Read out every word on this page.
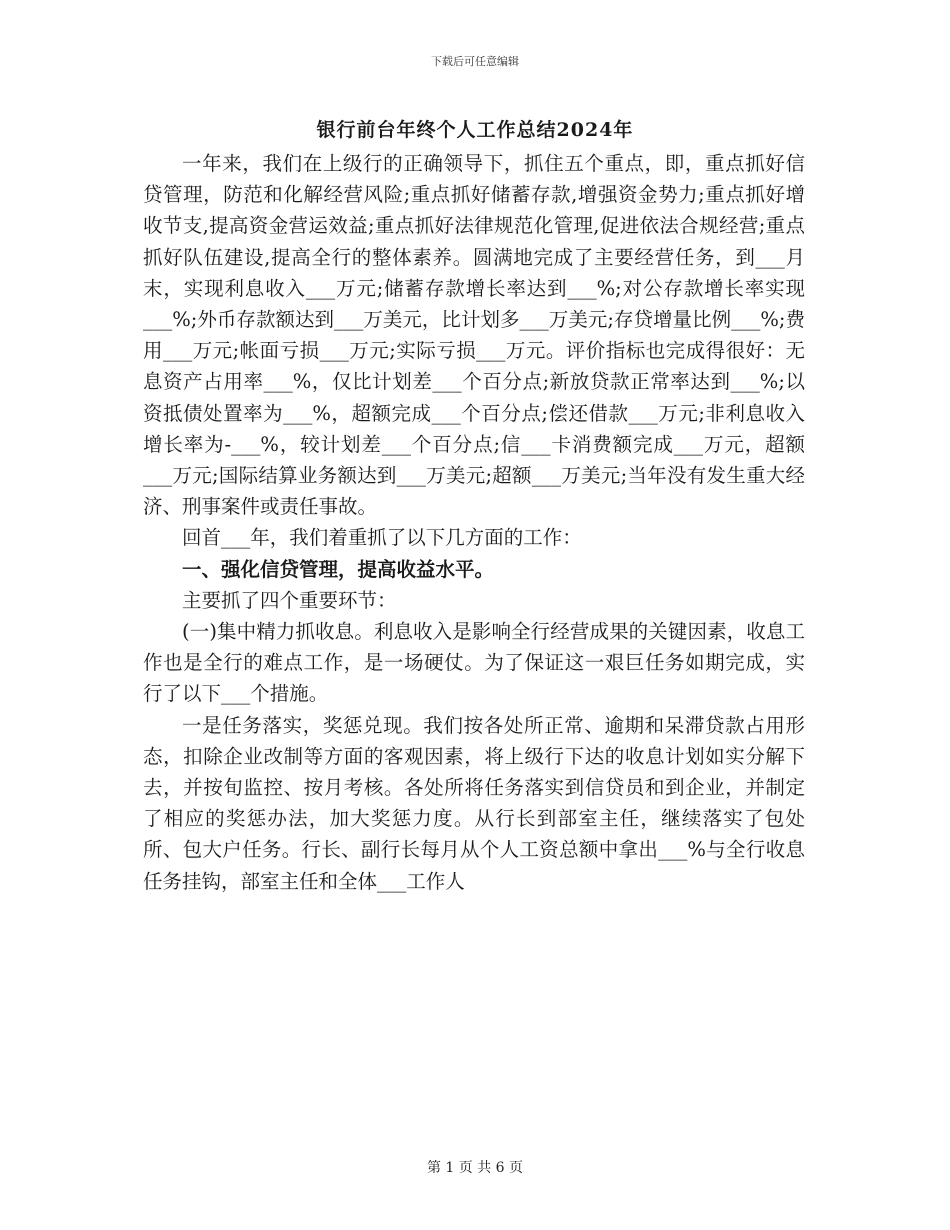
下载后可任意编辑
银行前台年终个人工作总结2024年

一年来，我们在上级行的正确领导下，抓住五个重点，即，重点抓好信贷管理，防范和化解经营风险;重点抓好储蓄存款,增强资金势力;重点抓好增收节支,提高资金营运效益;重点抓好法律规范化管理,促进依法合规经营;重点抓好队伍建设,提高全行的整体素养。圆满地完成了主要经营任务，到___月末，实现利息收入___万元;储蓄存款增长率达到___%;对公存款增长率实现___%;外币存款额达到___万美元，比计划多___万美元;存贷增量比例___%;费用___万元;帐面亏损___万元;实际亏损___万元。评价指标也完成得很好：无息资产占用率___%，仅比计划差___个百分点;新放贷款正常率达到___%;以资抵债处置率为___%，超额完成___个百分点;偿还借款___万元;非利息收入增长率为-___%，较计划差___个百分点;信___卡消费额完成___万元，超额___万元;国际结算业务额达到___万美元;超额___万美元;当年没有发生重大经济、刑事案件或责任事故。

回首___年，我们着重抓了以下几方面的工作：

一、强化信贷管理，提高收益水平。

主要抓了四个重要环节：

(一)集中精力抓收息。利息收入是影响全行经营成果的关键因素，收息工作也是全行的难点工作，是一场硬仗。为了保证这一艰巨任务如期完成，实行了以下___个措施。

一是任务落实，奖惩兑现。我们按各处所正常、逾期和呆滞贷款占用形态，扣除企业改制等方面的客观因素，将上级行下达的收息计划如实分解下去，并按旬监控、按月考核。各处所将任务落实到信贷员和到企业，并制定了相应的奖惩办法，加大奖惩力度。从行长到部室主任，继续落实了包处所、包大户任务。行长、副行长每月从个人工资总额中拿出___%与全行收息任务挂钩，部室主任和全体___工作人

第 1 页 共 6 页
